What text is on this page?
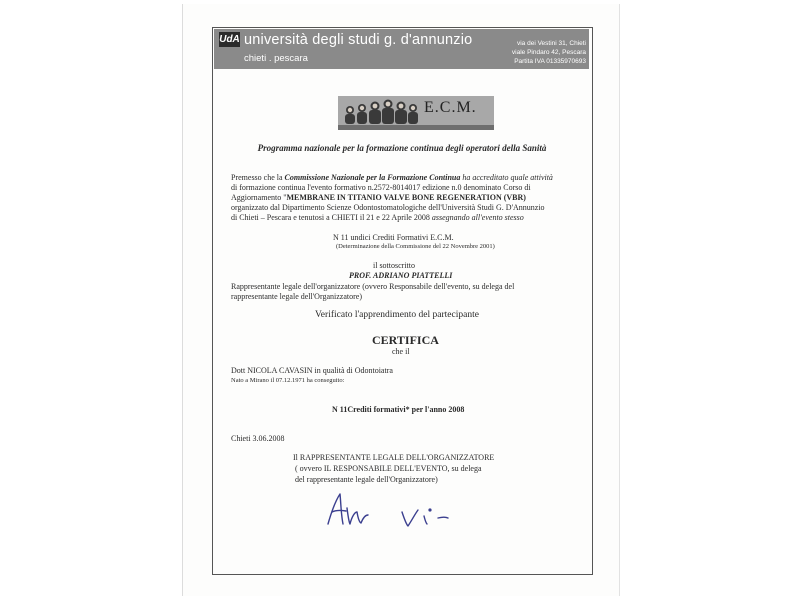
UdA università degli studi g. d'annunzio
chieti . pescara
via dei Vestini 31, Chieti
viale Pindaro 42, Pescara
Partita IVA 01335970693
E.C.M.
Programma nazionale per la formazione continua degli operatori della Sanità
Premesso che la Commissione Nazionale per la Formazione Continua ha accreditato quale attività
di formazione continua l'evento formativo n.2572-8014017 edizione n.0 denominato Corso di
Aggiornamento "MEMBRANE IN TITANIO VALVE BONE REGENERATION (VBR)
organizzato dal Dipartimento Scienze Odontostomatologiche dell'Università Studi G. D'Annunzio
di Chieti – Pescara e tenutosi a CHIETI il 21 e 22 Aprile 2008 assegnando all'evento stesso
N 11 undici Crediti Formativi E.C.M.
(Determinazione della Commissione del 22 Novembre 2001)
il sottoscritto
PROF. ADRIANO PIATTELLI
Rappresentante legale dell'organizzatore (ovvero Responsabile dell'evento, su delega del
rappresentante legale dell'Organizzatore)
Verificato l'apprendimento del partecipante
CERTIFICA
che il
Dott NICOLA CAVASIN in qualità di Odontoiatra
Nato a Mirano il 07.12.1971 ha conseguito:
N 11Crediti formativi* per l'anno 2008
Chieti 3.06.2008
Il RAPPRESENTANTE LEGALE DELL'ORGANIZZATORE
( ovvero IL RESPONSABILE DELL'EVENTO, su delega
del rappresentante legale dell'Organizzatore)
